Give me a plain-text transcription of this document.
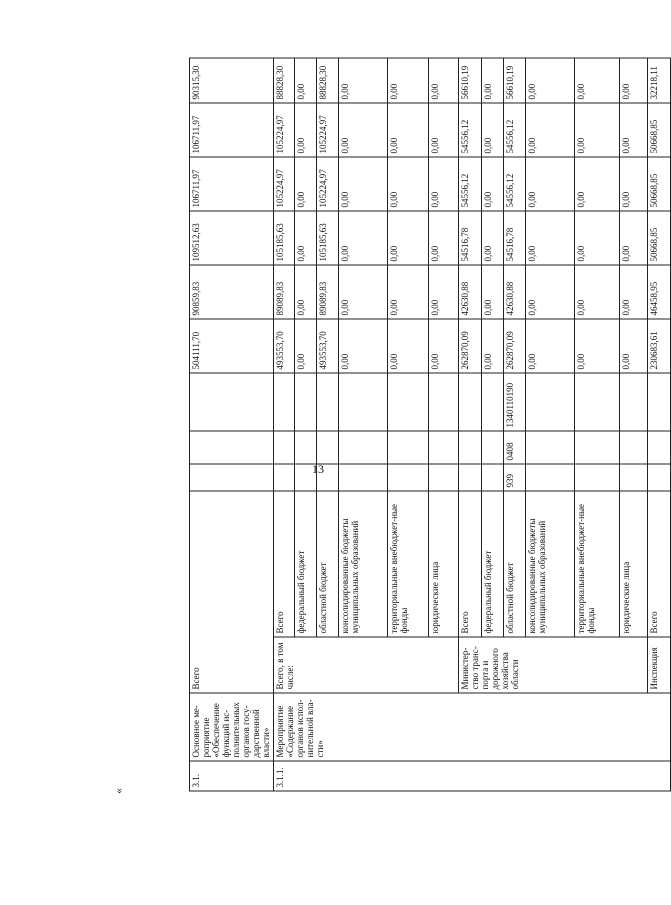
13
«
3.1.	Основное ме-роприятие «Обеспечение функций ис-полнительных органов госу-дарственной власти»	Всего					504111,70	90859,83	109512,63	106711,97	106711,97	90315,30
3.1.1.	Мероприятие «Содержание органов испол-нительной вла-сти»	Всего, в том числе:	Всего				493553,70	89089,83	105185,63	105224,97	105224,97	88828,30
			федеральный бюджет				0,00	0,00	0,00	0,00	0,00	0,00
			областной бюджет				493553,70	89089,83	105185,63	105224,97	105224,97	88828,30
			консолидированные бюджеты муниципальных образований				0,00	0,00	0,00	0,00	0,00	0,00
			территориальные внебюджет-ные фонды				0,00	0,00	0,00	0,00	0,00	0,00
			юридические лица				0,00	0,00	0,00	0,00	0,00	0,00
		Министер-ство транс-порта и дорожного хозяйства области	Всего				262870,09	42630,88	54516,78	54556,12	54556,12	56610,19
			федеральный бюджет				0,00	0,00	0,00	0,00	0,00	0,00
			областной бюджет	939	0408	1340110190	262870,09	42630,88	54516,78	54556,12	54556,12	56610,19
			консолидированные бюджеты муниципальных образований				0,00	0,00	0,00	0,00	0,00	0,00
			территориальные внебюджет-ные фонды				0,00	0,00	0,00	0,00	0,00	0,00
			юридические лица				0,00	0,00	0,00	0,00	0,00	0,00
		Инспекция	Всего				230683,61	46458,95	50668,85	50668,85	50668,85	32218,11
